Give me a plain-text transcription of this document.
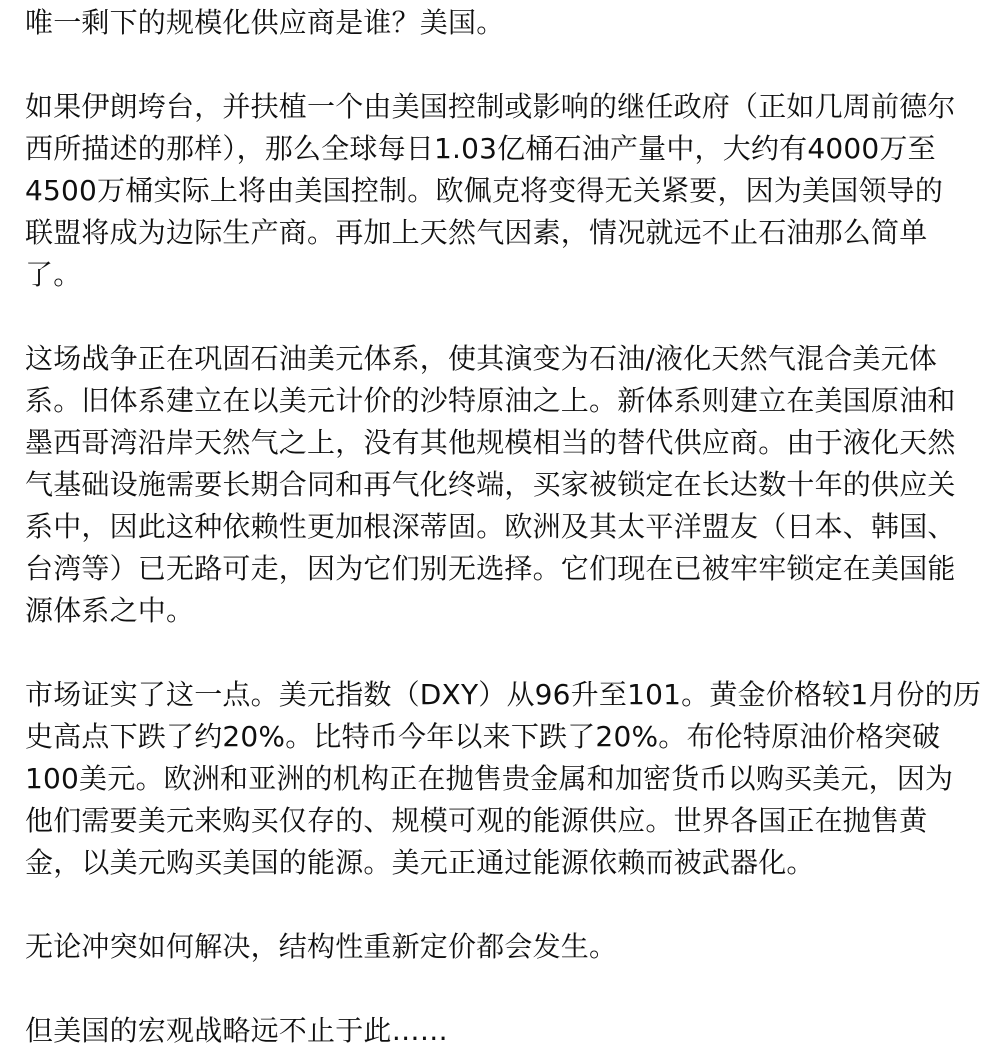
唯一剩下的规模化供应商是谁？美国。
如果伊朗垮台，并扶植一个由美国控制或影响的继任政府（正如几周前德尔
西所描述的那样），那么全球每日1.03亿桶石油产量中，大约有4000万至
4500万桶实际上将由美国控制。欧佩克将变得无关紧要，因为美国领导的
联盟将成为边际生产商。再加上天然气因素，情况就远不止石油那么简单
了。
这场战争正在巩固石油美元体系，使其演变为石油/液化天然气混合美元体
系。旧体系建立在以美元计价的沙特原油之上。新体系则建立在美国原油和
墨西哥湾沿岸天然气之上，没有其他规模相当的替代供应商。由于液化天然
气基础设施需要长期合同和再气化终端，买家被锁定在长达数十年的供应关
系中，因此这种依赖性更加根深蒂固。欧洲及其太平洋盟友（日本、韩国、
台湾等）已无路可走，因为它们别无选择。它们现在已被牢牢锁定在美国能
源体系之中。
市场证实了这一点。美元指数（DXY）从96升至101。黄金价格较1月份的历
史高点下跌了约20%。比特币今年以来下跌了20%。布伦特原油价格突破
100美元。欧洲和亚洲的机构正在抛售贵金属和加密货币以购买美元，因为
他们需要美元来购买仅存的、规模可观的能源供应。世界各国正在抛售黄
金，以美元购买美国的能源。美元正通过能源依赖而被武器化。
无论冲突如何解决，结构性重新定价都会发生。
但美国的宏观战略远不止于此……
